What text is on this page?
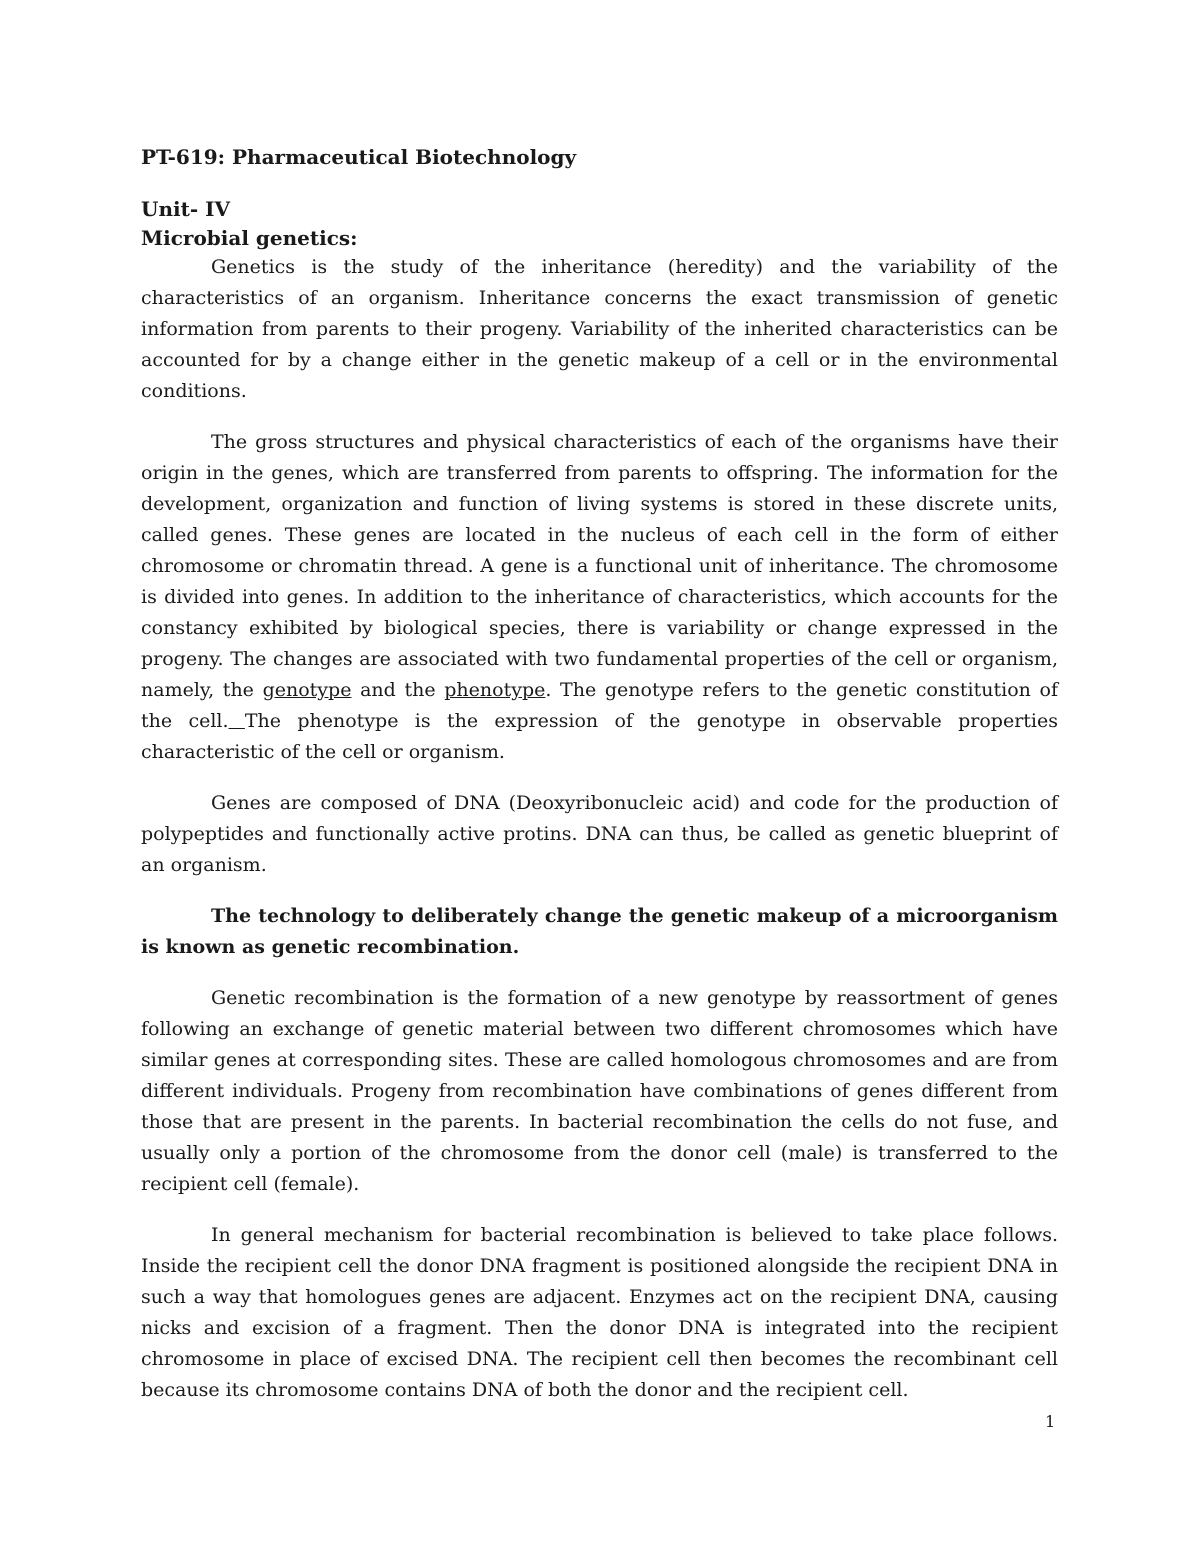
PT-619: Pharmaceutical Biotechnology

Unit- IV

Microbial genetics:

Genetics is the study of the inheritance (heredity) and the variability of the characteristics of an organism. Inheritance concerns the exact transmission of genetic information from parents to their progeny. Variability of the inherited characteristics can be accounted for by a change either in the genetic makeup of a cell or in the environmental conditions.

The gross structures and physical characteristics of each of the organisms have their origin in the genes, which are transferred from parents to offspring. The information for the development, organization and function of living systems is stored in these discrete units, called genes. These genes are located in the nucleus of each cell in the form of either chromosome or chromatin thread. A gene is a functional unit of inheritance. The chromosome is divided into genes. In addition to the inheritance of characteristics, which accounts for the constancy exhibited by biological species, there is variability or change expressed in the progeny. The changes are associated with two fundamental properties of the cell or organism, namely, the genotype and the phenotype. The genotype refers to the genetic constitution of the cell. The phenotype is the expression of the genotype in observable properties characteristic of the cell or organism.

Genes are composed of DNA (Deoxyribonucleic acid) and code for the production of polypeptides and functionally active protins. DNA can thus, be called as genetic blueprint of an organism.

The technology to deliberately change the genetic makeup of a microorganism is known as genetic recombination.

Genetic recombination is the formation of a new genotype by reassortment of genes following an exchange of genetic material between two different chromosomes which have similar genes at corresponding sites. These are called homologous chromosomes and are from different individuals. Progeny from recombination have combinations of genes different from those that are present in the parents. In bacterial recombination the cells do not fuse, and usually only a portion of the chromosome from the donor cell (male) is transferred to the recipient cell (female).

In general mechanism for bacterial recombination is believed to take place follows. Inside the recipient cell the donor DNA fragment is positioned alongside the recipient DNA in such a way that homologues genes are adjacent. Enzymes act on the recipient DNA, causing nicks and excision of a fragment. Then the donor DNA is integrated into the recipient chromosome in place of excised DNA. The recipient cell then becomes the recombinant cell because its chromosome contains DNA of both the donor and the recipient cell.

1
